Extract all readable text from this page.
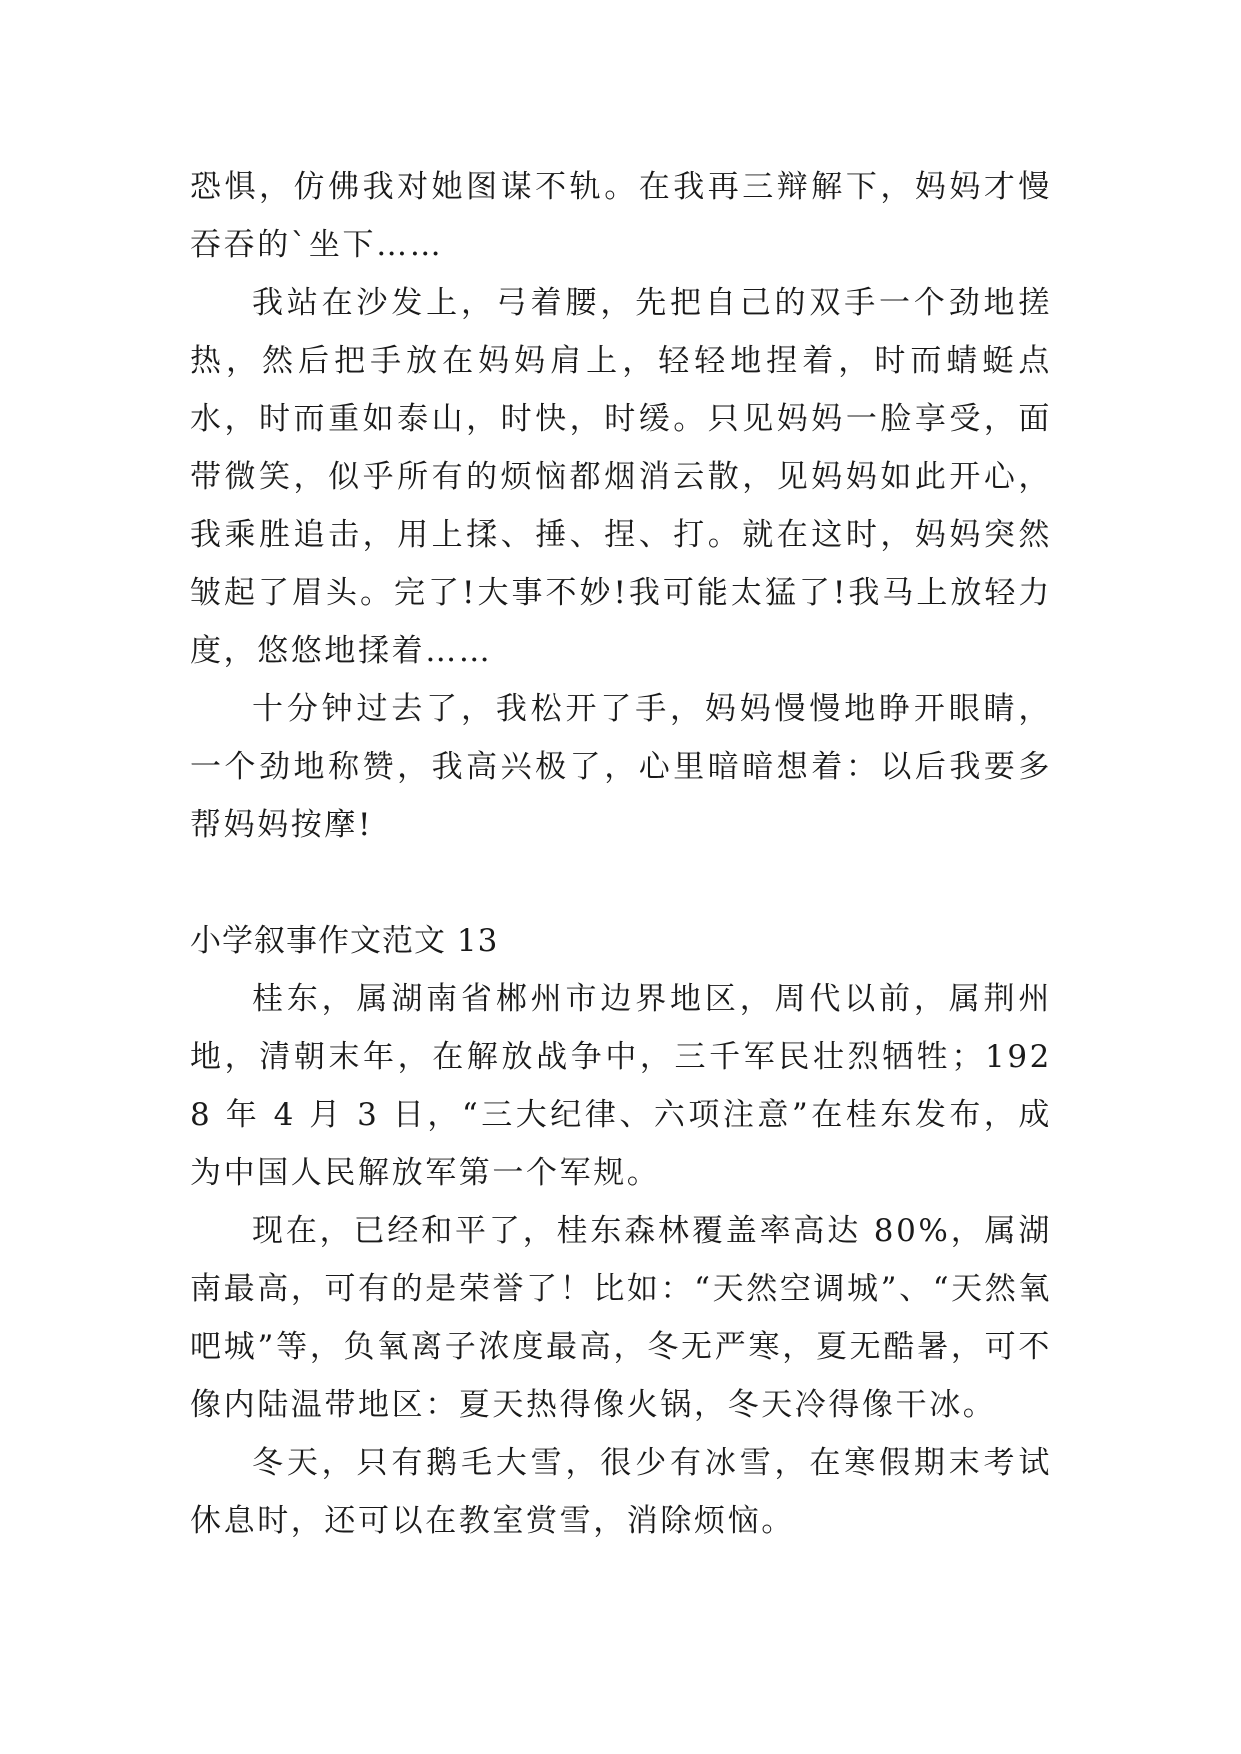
恐惧，仿佛我对她图谋不轨。在我再三辩解下，妈妈才慢吞吞的`坐下……

我站在沙发上，弓着腰，先把自己的双手一个劲地搓热，然后把手放在妈妈肩上，轻轻地捏着，时而蜻蜓点水，时而重如泰山，时快，时缓。只见妈妈一脸享受，面带微笑，似乎所有的烦恼都烟消云散，见妈妈如此开心，我乘胜追击，用上揉、捶、捏、打。就在这时，妈妈突然皱起了眉头。完了!大事不妙!我可能太猛了!我马上放轻力度，悠悠地揉着……

十分钟过去了，我松开了手，妈妈慢慢地睁开眼睛，一个劲地称赞，我高兴极了，心里暗暗想着：以后我要多帮妈妈按摩!

小学叙事作文范文 13

桂东，属湖南省郴州市边界地区，周代以前，属荆州地，清朝末年，在解放战争中，三千军民壮烈牺牲；1928 年 4 月 3 日，“三大纪律、六项注意”在桂东发布，成为中国人民解放军第一个军规。

现在，已经和平了，桂东森林覆盖率高达 80%，属湖南最高，可有的是荣誉了！比如：“天然空调城”、“天然氧吧城”等，负氧离子浓度最高，冬无严寒，夏无酷暑，可不像内陆温带地区：夏天热得像火锅，冬天冷得像干冰。

冬天，只有鹅毛大雪，很少有冰雪，在寒假期末考试休息时，还可以在教室赏雪，消除烦恼。
